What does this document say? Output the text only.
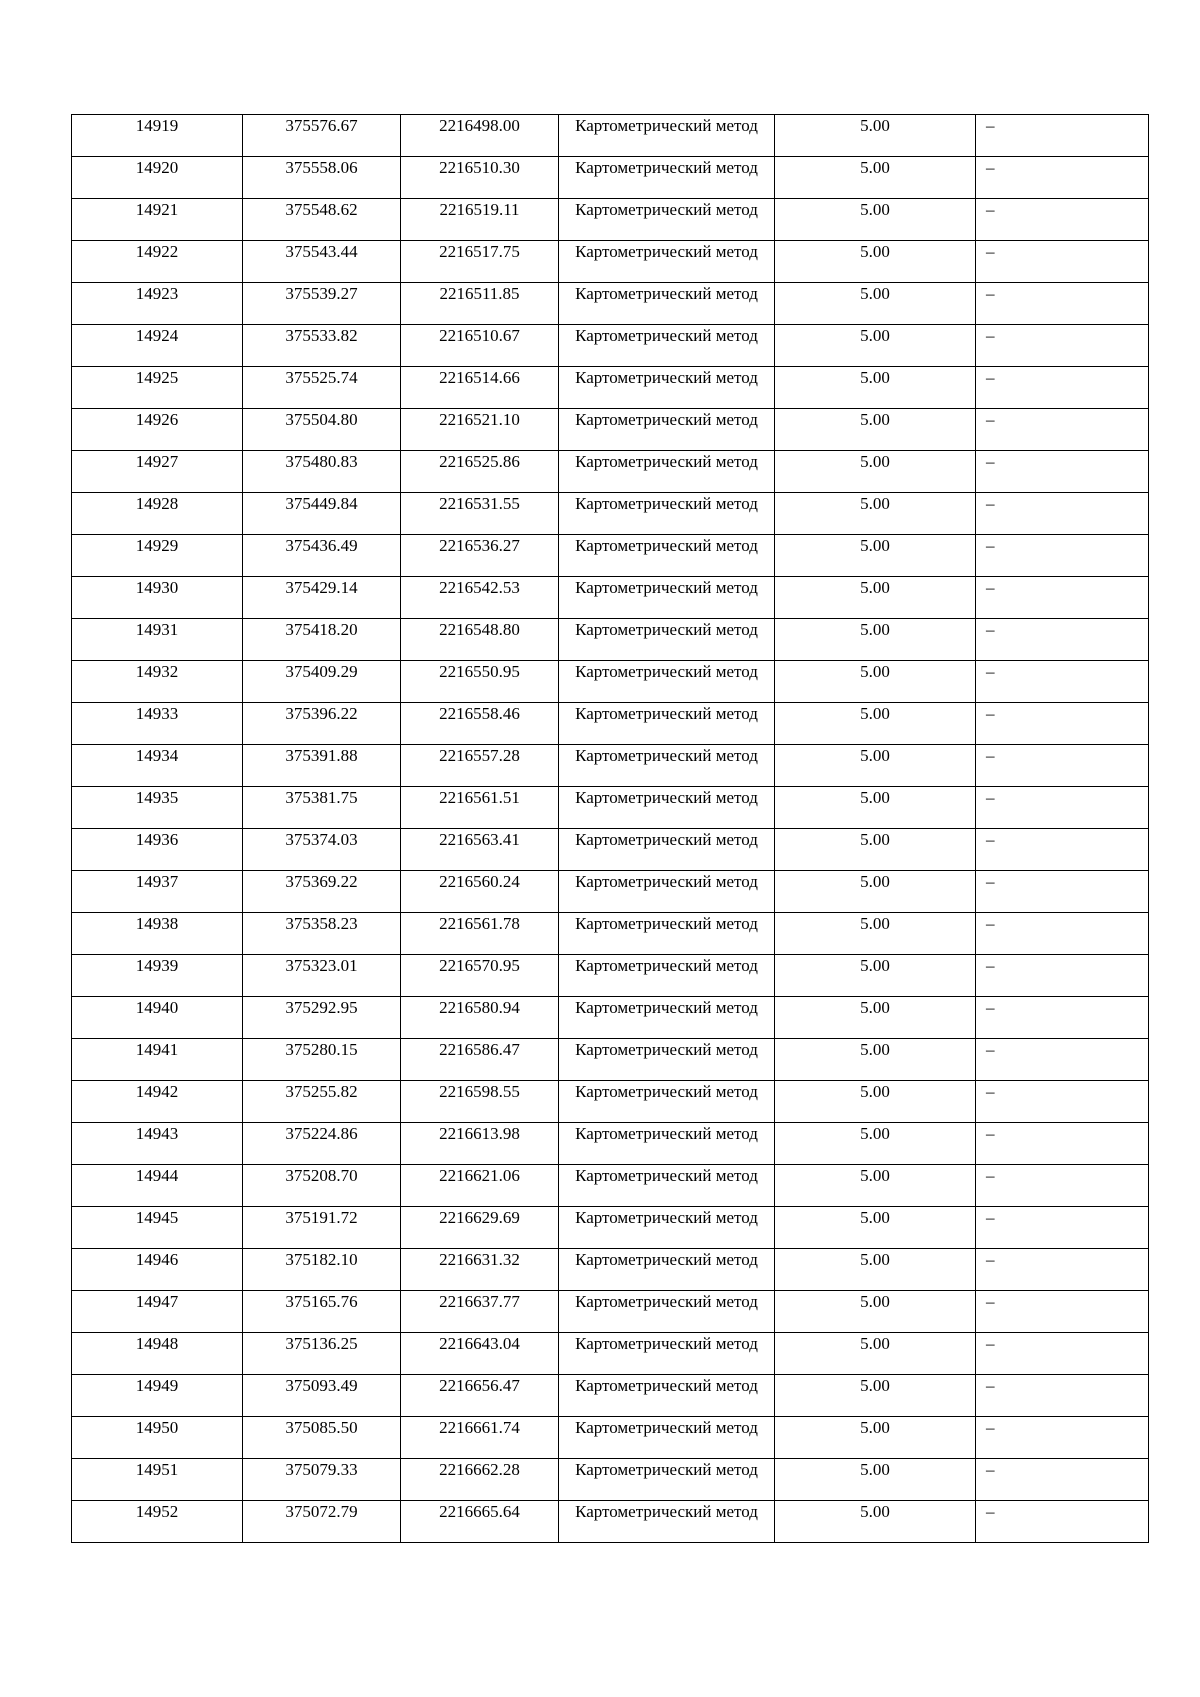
14919	375576.67	2216498.00	Картометрический метод	5.00	–
14920	375558.06	2216510.30	Картометрический метод	5.00	–
14921	375548.62	2216519.11	Картометрический метод	5.00	–
14922	375543.44	2216517.75	Картометрический метод	5.00	–
14923	375539.27	2216511.85	Картометрический метод	5.00	–
14924	375533.82	2216510.67	Картометрический метод	5.00	–
14925	375525.74	2216514.66	Картометрический метод	5.00	–
14926	375504.80	2216521.10	Картометрический метод	5.00	–
14927	375480.83	2216525.86	Картометрический метод	5.00	–
14928	375449.84	2216531.55	Картометрический метод	5.00	–
14929	375436.49	2216536.27	Картометрический метод	5.00	–
14930	375429.14	2216542.53	Картометрический метод	5.00	–
14931	375418.20	2216548.80	Картометрический метод	5.00	–
14932	375409.29	2216550.95	Картометрический метод	5.00	–
14933	375396.22	2216558.46	Картометрический метод	5.00	–
14934	375391.88	2216557.28	Картометрический метод	5.00	–
14935	375381.75	2216561.51	Картометрический метод	5.00	–
14936	375374.03	2216563.41	Картометрический метод	5.00	–
14937	375369.22	2216560.24	Картометрический метод	5.00	–
14938	375358.23	2216561.78	Картометрический метод	5.00	–
14939	375323.01	2216570.95	Картометрический метод	5.00	–
14940	375292.95	2216580.94	Картометрический метод	5.00	–
14941	375280.15	2216586.47	Картометрический метод	5.00	–
14942	375255.82	2216598.55	Картометрический метод	5.00	–
14943	375224.86	2216613.98	Картометрический метод	5.00	–
14944	375208.70	2216621.06	Картометрический метод	5.00	–
14945	375191.72	2216629.69	Картометрический метод	5.00	–
14946	375182.10	2216631.32	Картометрический метод	5.00	–
14947	375165.76	2216637.77	Картометрический метод	5.00	–
14948	375136.25	2216643.04	Картометрический метод	5.00	–
14949	375093.49	2216656.47	Картометрический метод	5.00	–
14950	375085.50	2216661.74	Картометрический метод	5.00	–
14951	375079.33	2216662.28	Картометрический метод	5.00	–
14952	375072.79	2216665.64	Картометрический метод	5.00	–
